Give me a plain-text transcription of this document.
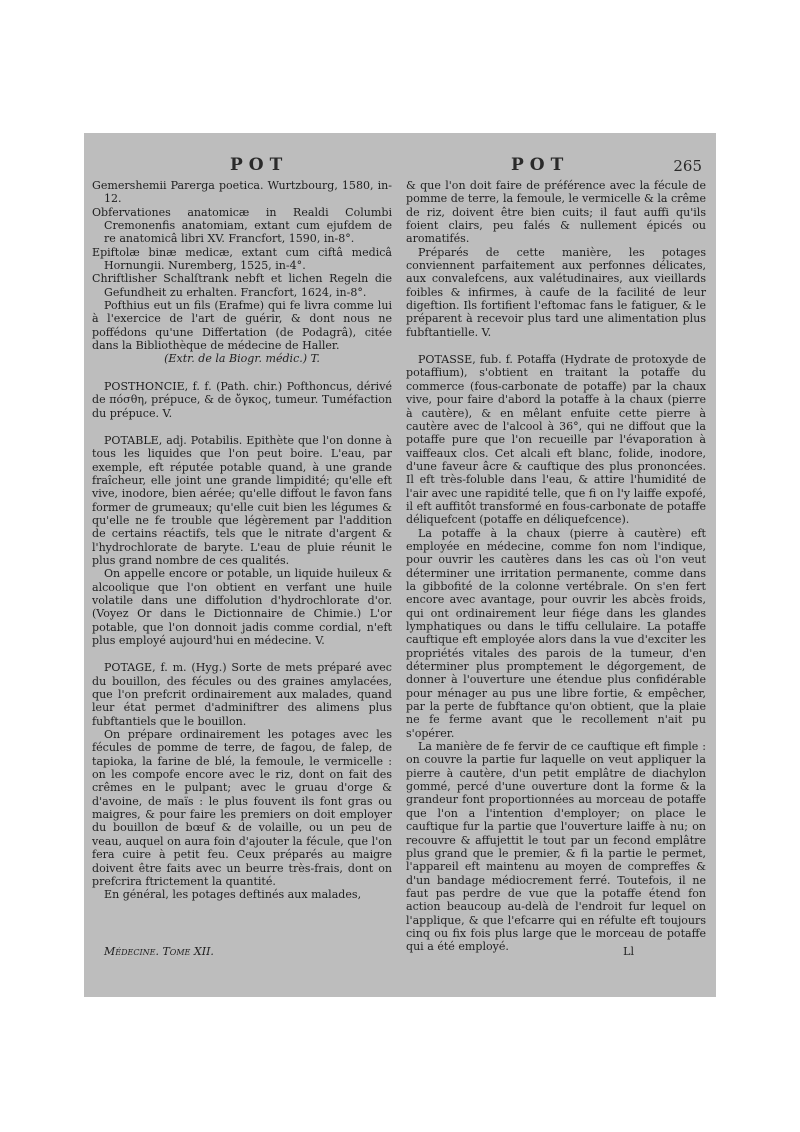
POT	POT	265

Gemershemii Parerga poetica. Wurtzbourg, 1580, in-12.

Obfervationes anatomicæ in Realdi Columbi Cremonenfis anatomiam, extant cum ejufdem de re anatomicâ libri XV. Francfort, 1590, in-8°.

Epiftolæ binæ medicæ, extant cum ciftâ medicâ Hornungii. Nuremberg, 1525, in-4°.

Chriftlisher Schalſtrank nebft et lichen Regeln die Gefundheit zu erhalten. Francfort, 1624, in-8°.

Pofthius eut un fils (Erafme) qui fe livra comme lui à l'exercice de l'art de guérir, & dont nous ne poffédons qu'une Differtation (de Podagrâ), citée dans la Bibliothèque de médecine de Haller.

(Extr. de la Biogr. médic.) T.

POSTHONCIE, f. f. (Path. chir.) Pofthoncus, dérivé de πόσθη, prépuce, & de ὄγκος, tumeur. Tuméfaction du prépuce. V.

POTABLE, adj. Potabilis. Epithète que l'on donne à tous les liquides que l'on peut boire. L'eau, par exemple, eft réputée potable quand, à une grande fraîcheur, elle joint une grande limpidité; qu'elle eft vive, inodore, bien aérée; qu'elle diffout le favon fans former de grumeaux; qu'elle cuit bien les légumes & qu'elle ne fe trouble que légèrement par l'addition de certains réactifs, tels que le nitrate d'argent & l'hydrochlorate de baryte. L'eau de pluie réunit le plus grand nombre de ces qualités.

On appelle encore or potable, un liquide huileux & alcoolique que l'on obtient en verfant une huile volatile dans une diffolution d'hydrochlorate d'or. (Voyez Or dans le Dictionnaire de Chimie.) L'or potable, que l'on donnoit jadis comme cordial, n'eft plus employé aujourd'hui en médecine. V.

POTAGE, f. m. (Hyg.) Sorte de mets préparé avec du bouillon, des fécules ou des graines amylacées, que l'on prefcrit ordinairement aux malades, quand leur état permet d'adminiftrer des alimens plus fubftantiels que le bouillon.

On prépare ordinairement les potages avec les fécules de pomme de terre, de fagou, de falep, de tapioka, la farine de blé, la femoule, le vermicelle : on les compofe encore avec le riz, dont on fait des crêmes en le pulpant; avec le gruau d'orge & d'avoine, de maïs : le plus fouvent ils font gras ou maigres, & pour faire les premiers on doit employer du bouillon de bœuf & de volaille, ou un peu de veau, auquel on aura foin d'ajouter la fécule, que l'on fera cuire à petit feu. Ceux préparés au maigre doivent être faits avec un beurre très-frais, dont on prefcrira ftrictement la quantité.

En général, les potages deftinés aux malades,

& que l'on doit faire de préférence avec la fécule de pomme de terre, la femoule, le vermicelle & la crême de riz, doivent être bien cuits; il faut auffi qu'ils foient clairs, peu falés & nullement épicés ou aromatifés.

Préparés de cette manière, les potages conviennent parfaitement aux perfonnes délicates, aux convalefcens, aux valétudinaires, aux vieillards foibles & infirmes, à caufe de la facilité de leur digeftion. Ils fortifient l'eftomac fans le fatiguer, & le préparent à recevoir plus tard une alimentation plus fubftantielle. V.

POTASSE, fub. f. Potaffa (Hydrate de protoxyde de potaffium), s'obtient en traitant la potaffe du commerce (fous-carbonate de potaffe) par la chaux vive, pour faire d'abord la potaffe à la chaux (pierre à cautère), & en mêlant enfuite cette pierre à cautère avec de l'alcool à 36°, qui ne diffout que la potaffe pure que l'on recueille par l'évaporation à vaiffeaux clos. Cet alcali eft blanc, folide, inodore, d'une faveur âcre & cauftique des plus prononcées. Il eft très-foluble dans l'eau, & attire l'humidité de l'air avec une rapidité telle, que fi on l'y laiffe expofé, il eft auffitôt transformé en fous-carbonate de potaffe déliquefcent (potaffe en déliquefcence).

La potaffe à la chaux (pierre à cautère) eft employée en médecine, comme fon nom l'indique, pour ouvrir les cautères dans les cas où l'on veut déterminer une irritation permanente, comme dans la gibbofité de la colonne vertébrale. On s'en fert encore avec avantage, pour ouvrir les abcès froids, qui ont ordinairement leur fiége dans les glandes lymphatiques ou dans le tiffu cellulaire. La potaffe cauftique eft employée alors dans la vue d'exciter les propriétés vitales des parois de la tumeur, d'en déterminer plus promptement le dégorgement, de donner à l'ouverture une étendue plus confidérable pour ménager au pus une libre fortie, & empêcher, par la perte de fubftance qu'on obtient, que la plaie ne fe ferme avant que le recollement n'ait pu s'opérer.

La manière de fe fervir de ce cauftique eft fimple : on couvre la partie fur laquelle on veut appliquer la pierre à cautère, d'un petit emplâtre de diachylon gommé, percé d'une ouverture dont la forme & la grandeur font proportionnées au morceau de potaffe que l'on a l'intention d'employer; on place le cauftique fur la partie que l'ouverture laiffe à nu; on recouvre & affujettit le tout par un fecond emplâtre plus grand que le premier, & fi la partie le permet, l'appareil eft maintenu au moyen de compreffes & d'un bandage médiocrement ferré. Toutefois, il ne faut pas perdre de vue que la potaffe étend fon action beaucoup au-delà de l'endroit fur lequel on l'applique, & que l'efcarre qui en réfulte eft toujours cinq ou fix fois plus large que le morceau de potaffe qui a été employé.

Médecine. Tome XII.	Ll
